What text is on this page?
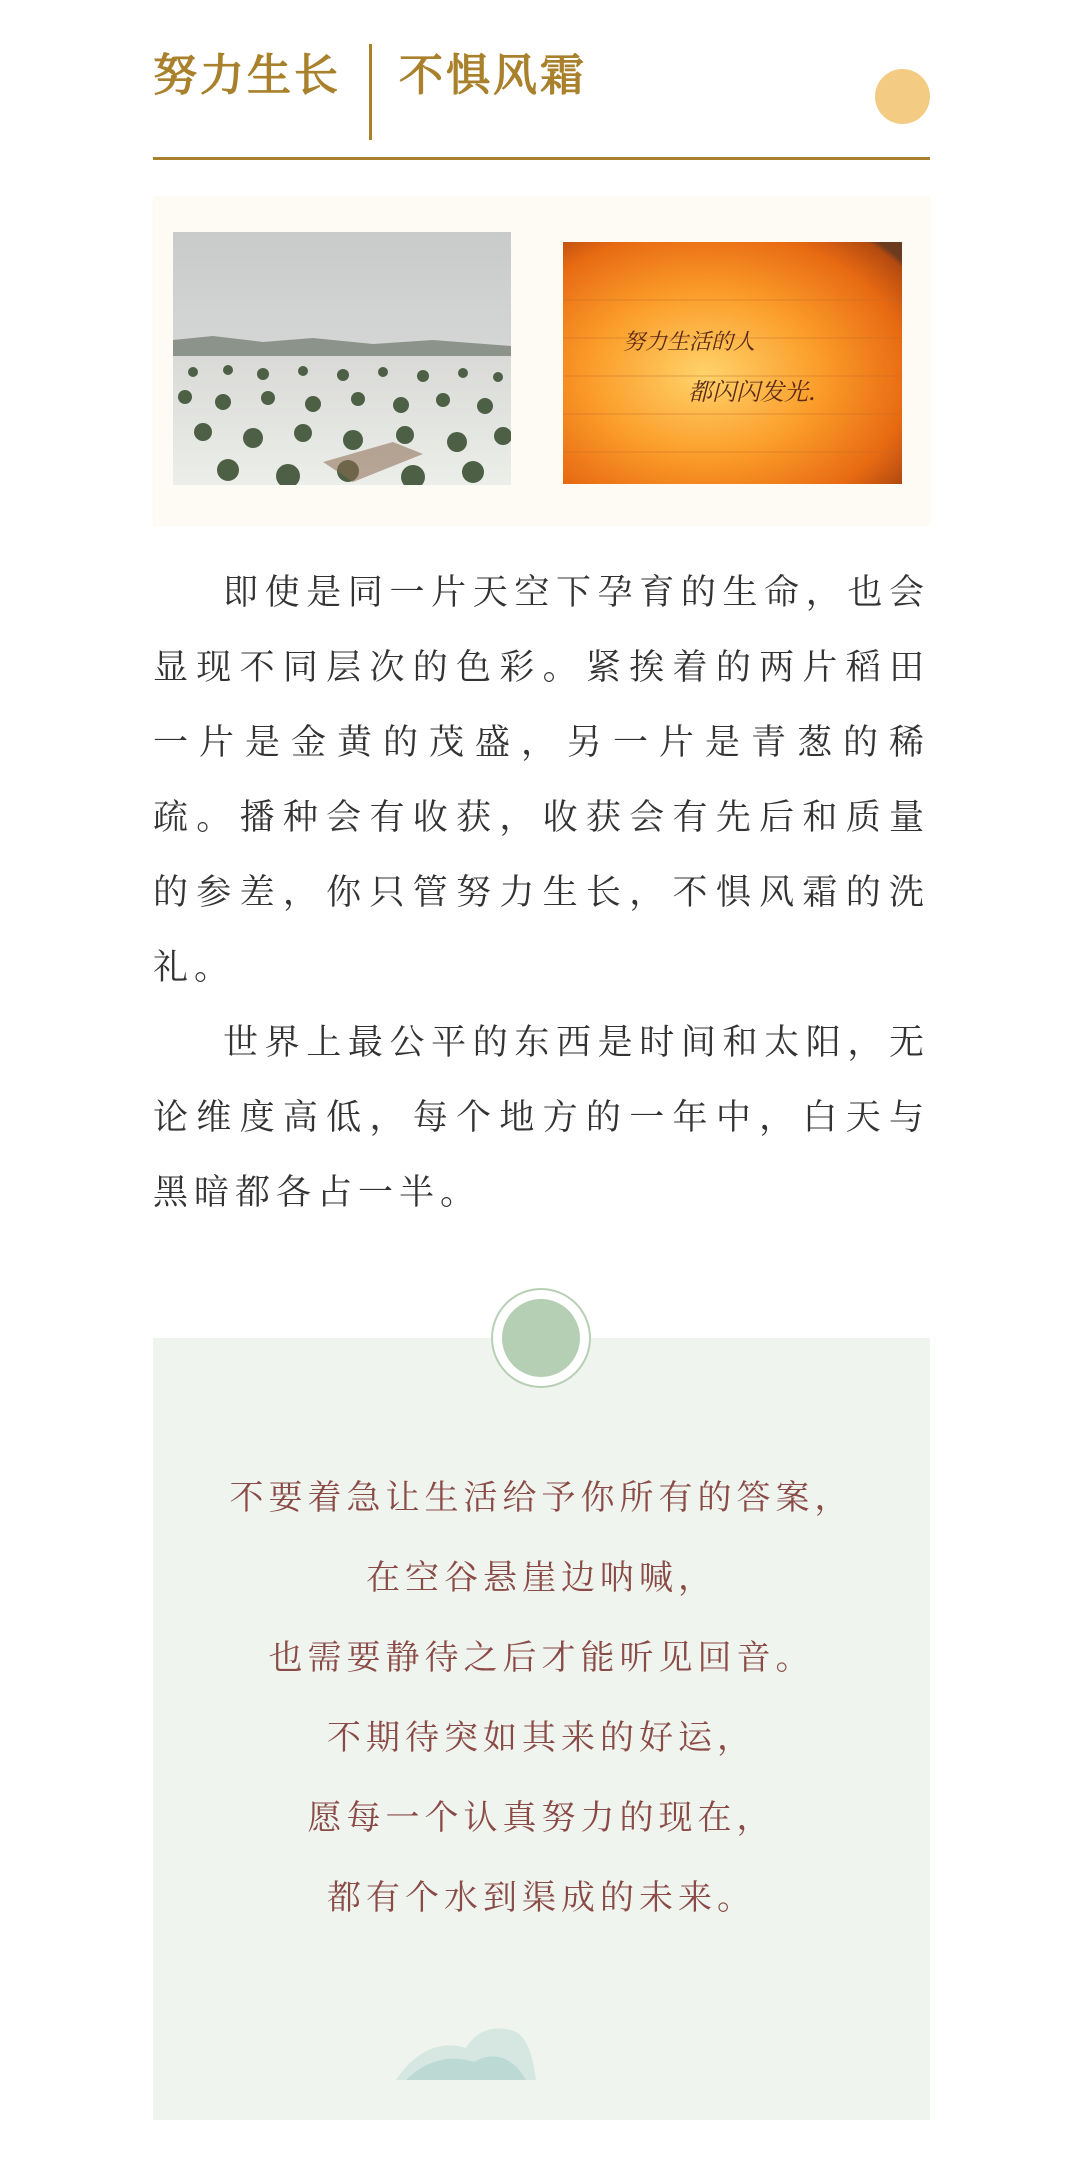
努力生长 不惧风霜
努力生活的人
都闪闪发光.

即使是同一片天空下孕育的生命，也会显现不同层次的色彩。紧挨着的两片稻田一片是金黄的茂盛，另一片是青葱的稀疏。播种会有收获，收获会有先后和质量的参差，你只管努力生长，不惧风霜的洗礼。

世界上最公平的东西是时间和太阳，无论维度高低，每个地方的一年中，白天与黑暗都各占一半。

不要着急让生活给予你所有的答案，
在空谷悬崖边呐喊，
也需要静待之后才能听见回音。
不期待突如其来的好运，
愿每一个认真努力的现在，
都有个水到渠成的未来。
